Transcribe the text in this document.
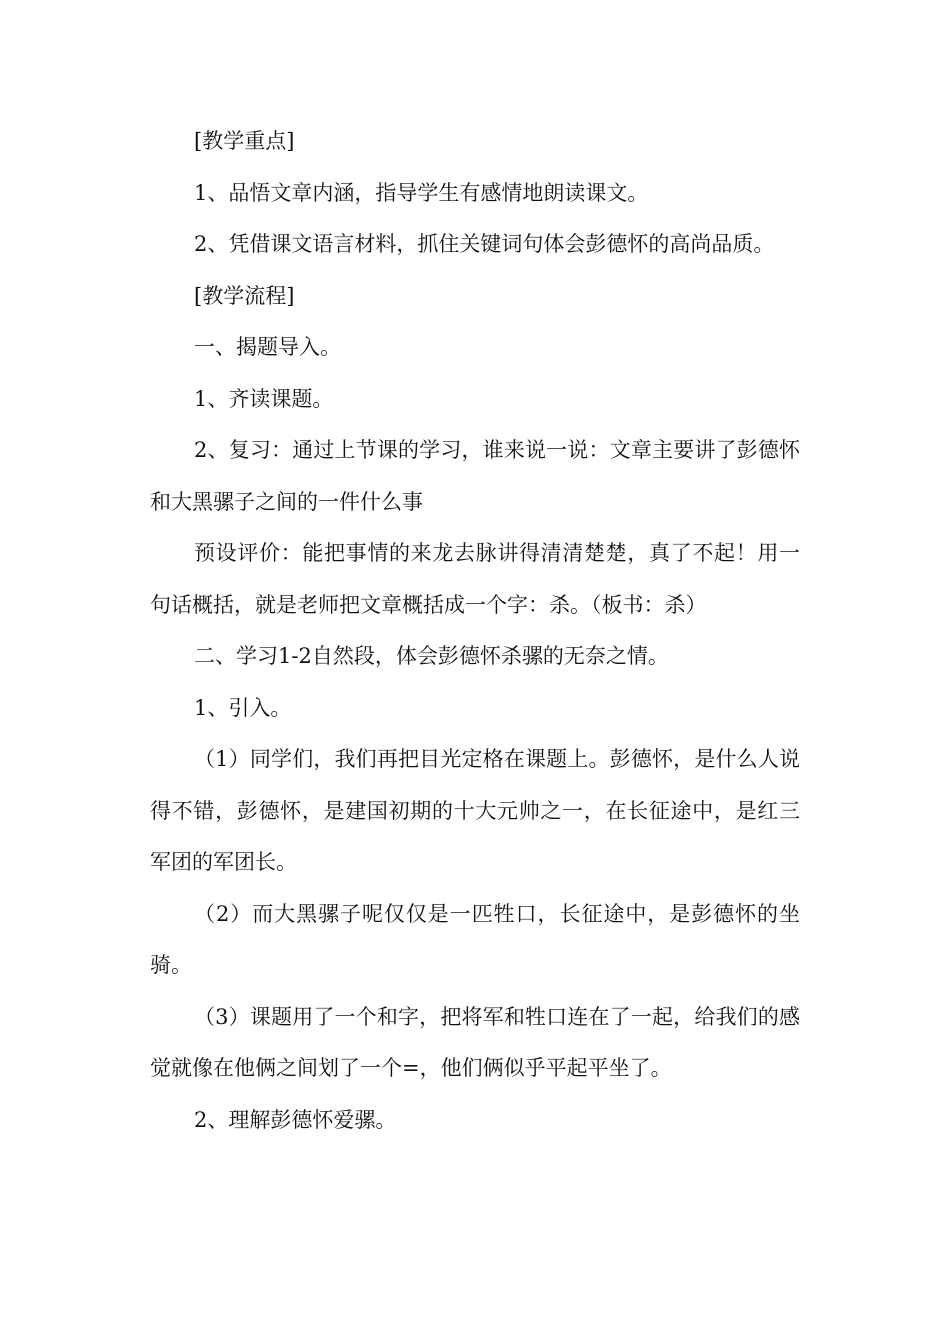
[教学重点]

1、品悟文章内涵，指导学生有感情地朗读课文。

2、凭借课文语言材料，抓住关键词句体会彭德怀的高尚品质。

[教学流程]

一、揭题导入。

1、齐读课题。

2、复习：通过上节课的学习，谁来说一说：文章主要讲了彭德怀和大黑骡子之间的一件什么事

预设评价：能把事情的来龙去脉讲得清清楚楚，真了不起！用一句话概括，就是老师把文章概括成一个字：杀。（板书：杀）

二、学习1-2自然段，体会彭德怀杀骡的无奈之情。

1、引入。

（1）同学们，我们再把目光定格在课题上。彭德怀，是什么人说得不错，彭德怀，是建国初期的十大元帅之一，在长征途中，是红三军团的军团长。

（2）而大黑骡子呢仅仅是一匹牲口，长征途中，是彭德怀的坐骑。

（3）课题用了一个和字，把将军和牲口连在了一起，给我们的感觉就像在他俩之间划了一个=，他们俩似乎平起平坐了。

2、理解彭德怀爱骡。
